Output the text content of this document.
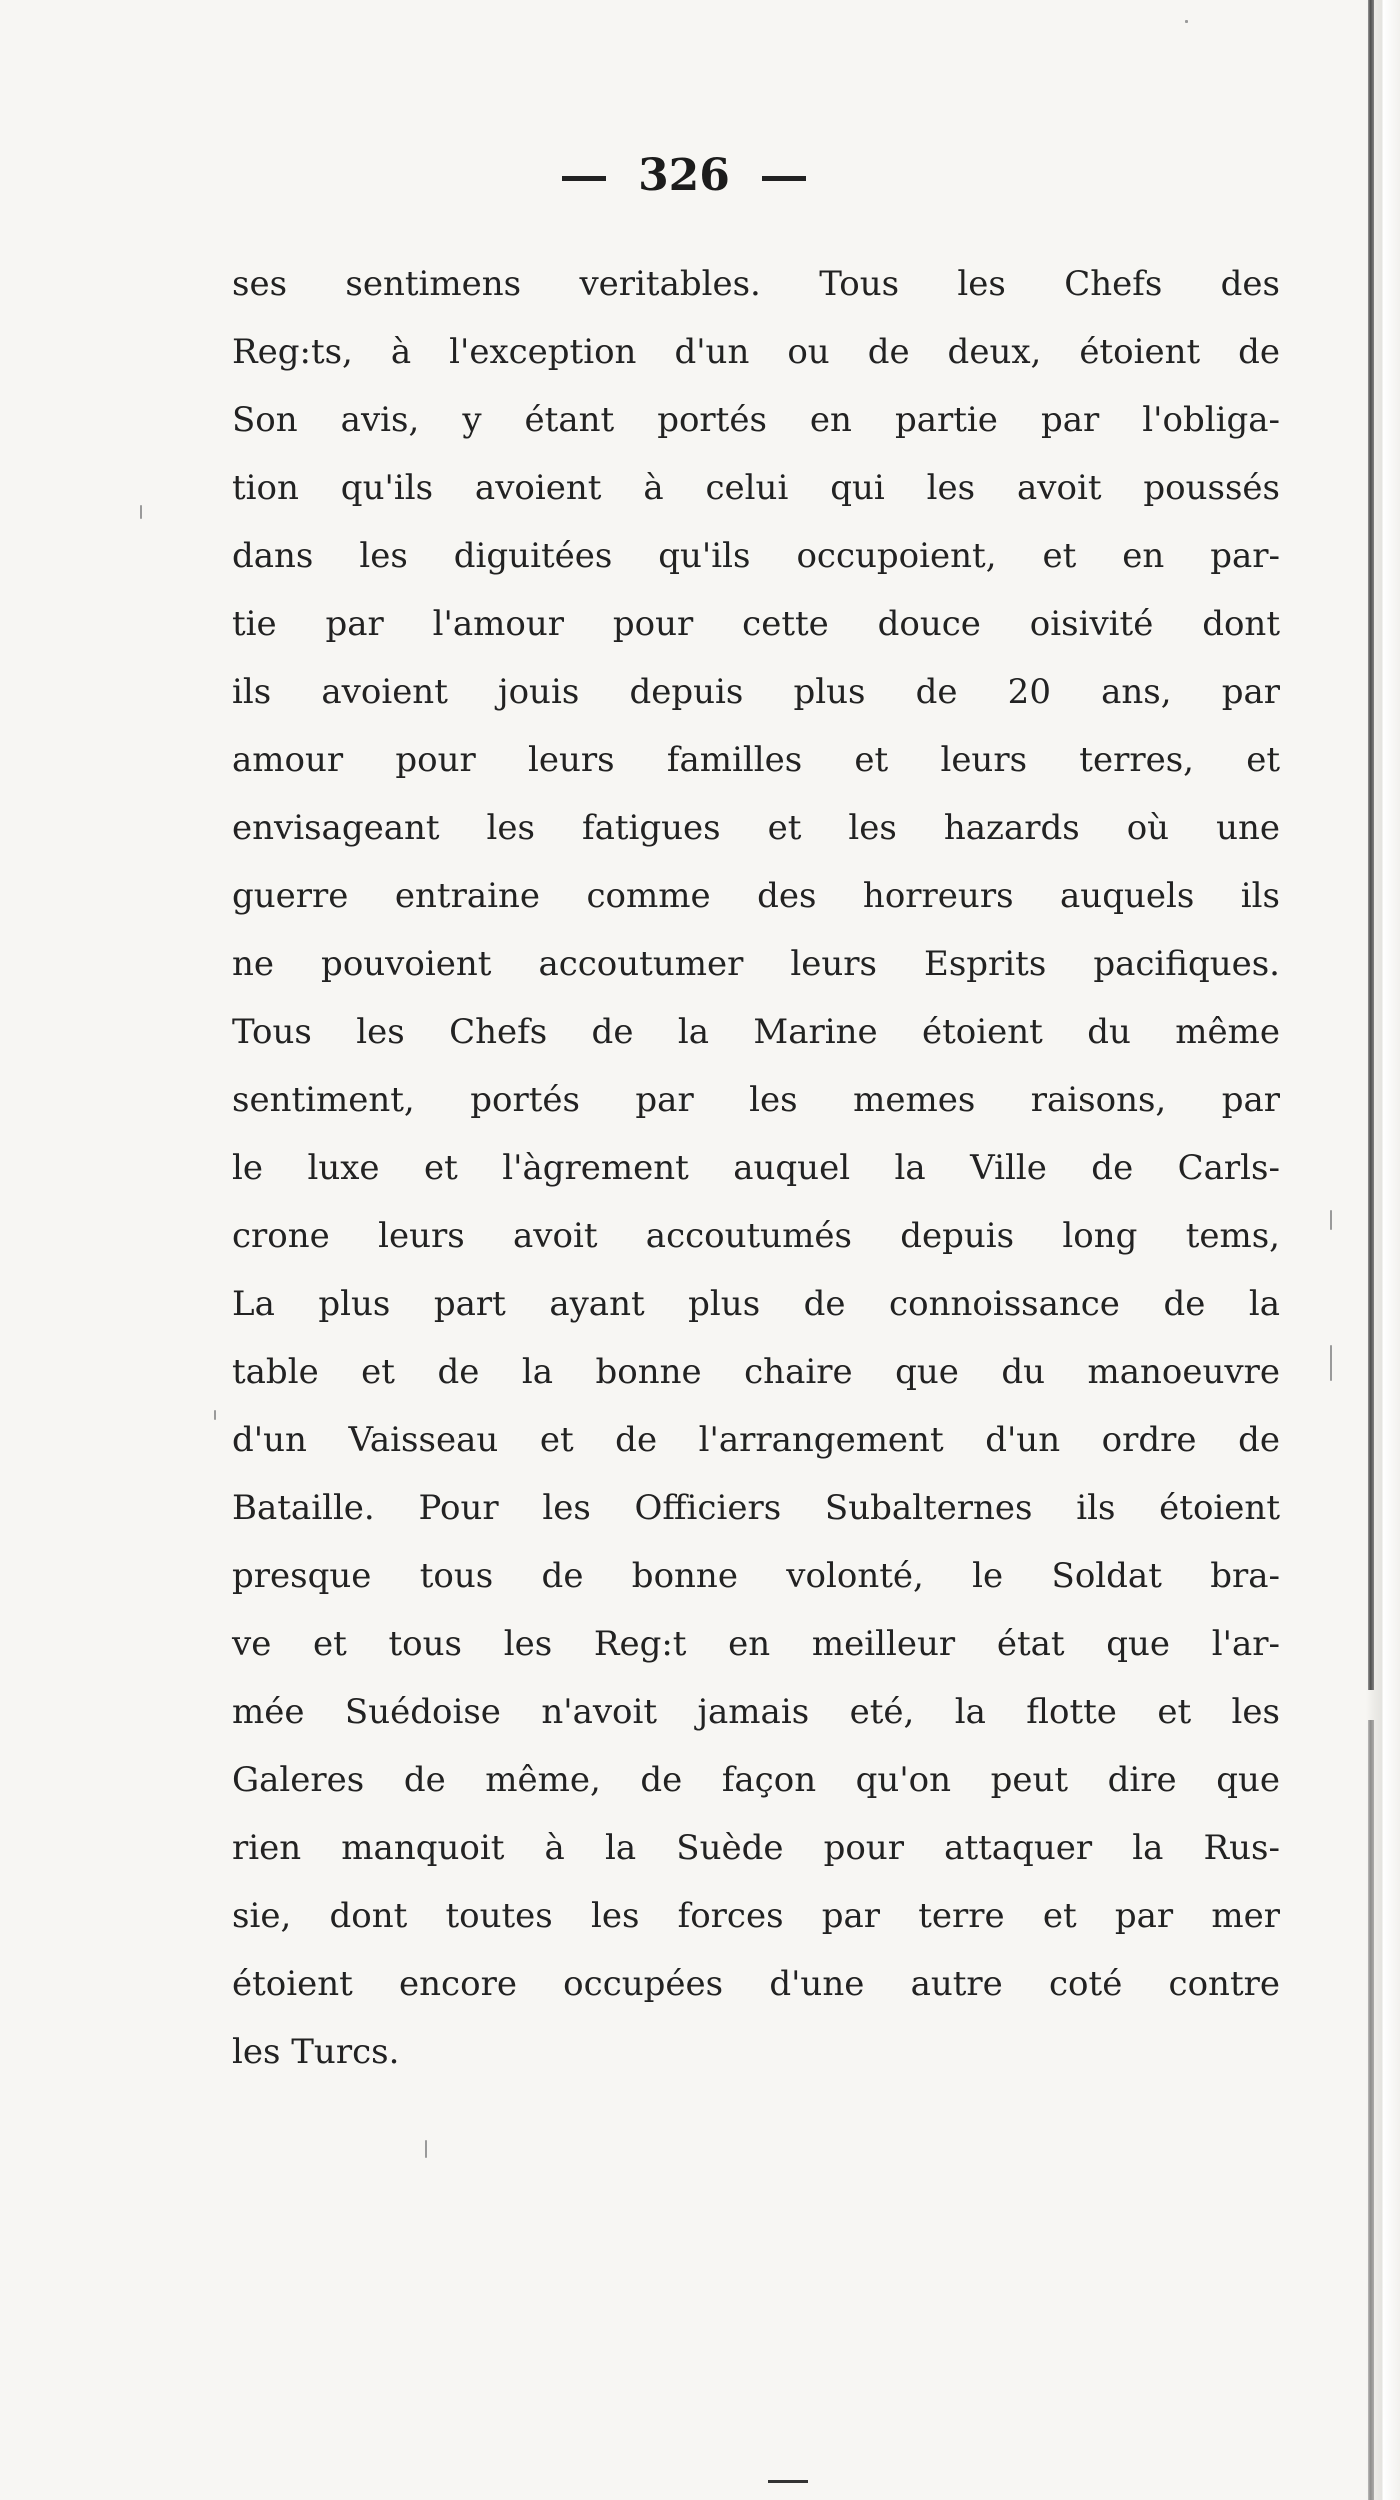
326
ses sentimens veritables. Tous les Chefs des
Reg:ts, à l'exception d'un ou de deux, étoient de
Son avis, y étant portés en partie par l'obliga-
tion qu'ils avoient à celui qui les avoit poussés
dans les diguitées qu'ils occupoient, et en par-
tie par l'amour pour cette douce oisivité dont
ils avoient jouis depuis plus de 20 ans, par
amour pour leurs familles et leurs terres, et
envisageant les fatigues et les hazards où une
guerre entraine comme des horreurs auquels ils
ne pouvoient accoutumer leurs Esprits pacifiques.
Tous les Chefs de la Marine étoient du même
sentiment, portés par les memes raisons, par
le luxe et l'àgrement auquel la Ville de Carls-
crone leurs avoit accoutumés depuis long tems,
La plus part ayant plus de connoissance de la
table et de la bonne chaire que du manoeuvre
d'un Vaisseau et de l'arrangement d'un ordre de
Bataille. Pour les Officiers Subalternes ils étoient
presque tous de bonne volonté, le Soldat bra-
ve et tous les Reg:t en meilleur état que l'ar-
mée Suédoise n'avoit jamais eté, la flotte et les
Galeres de même, de façon qu'on peut dire que
rien manquoit à la Suède pour attaquer la Rus-
sie, dont toutes les forces par terre et par mer
étoient encore occupées d'une autre coté contre
les Turcs.
